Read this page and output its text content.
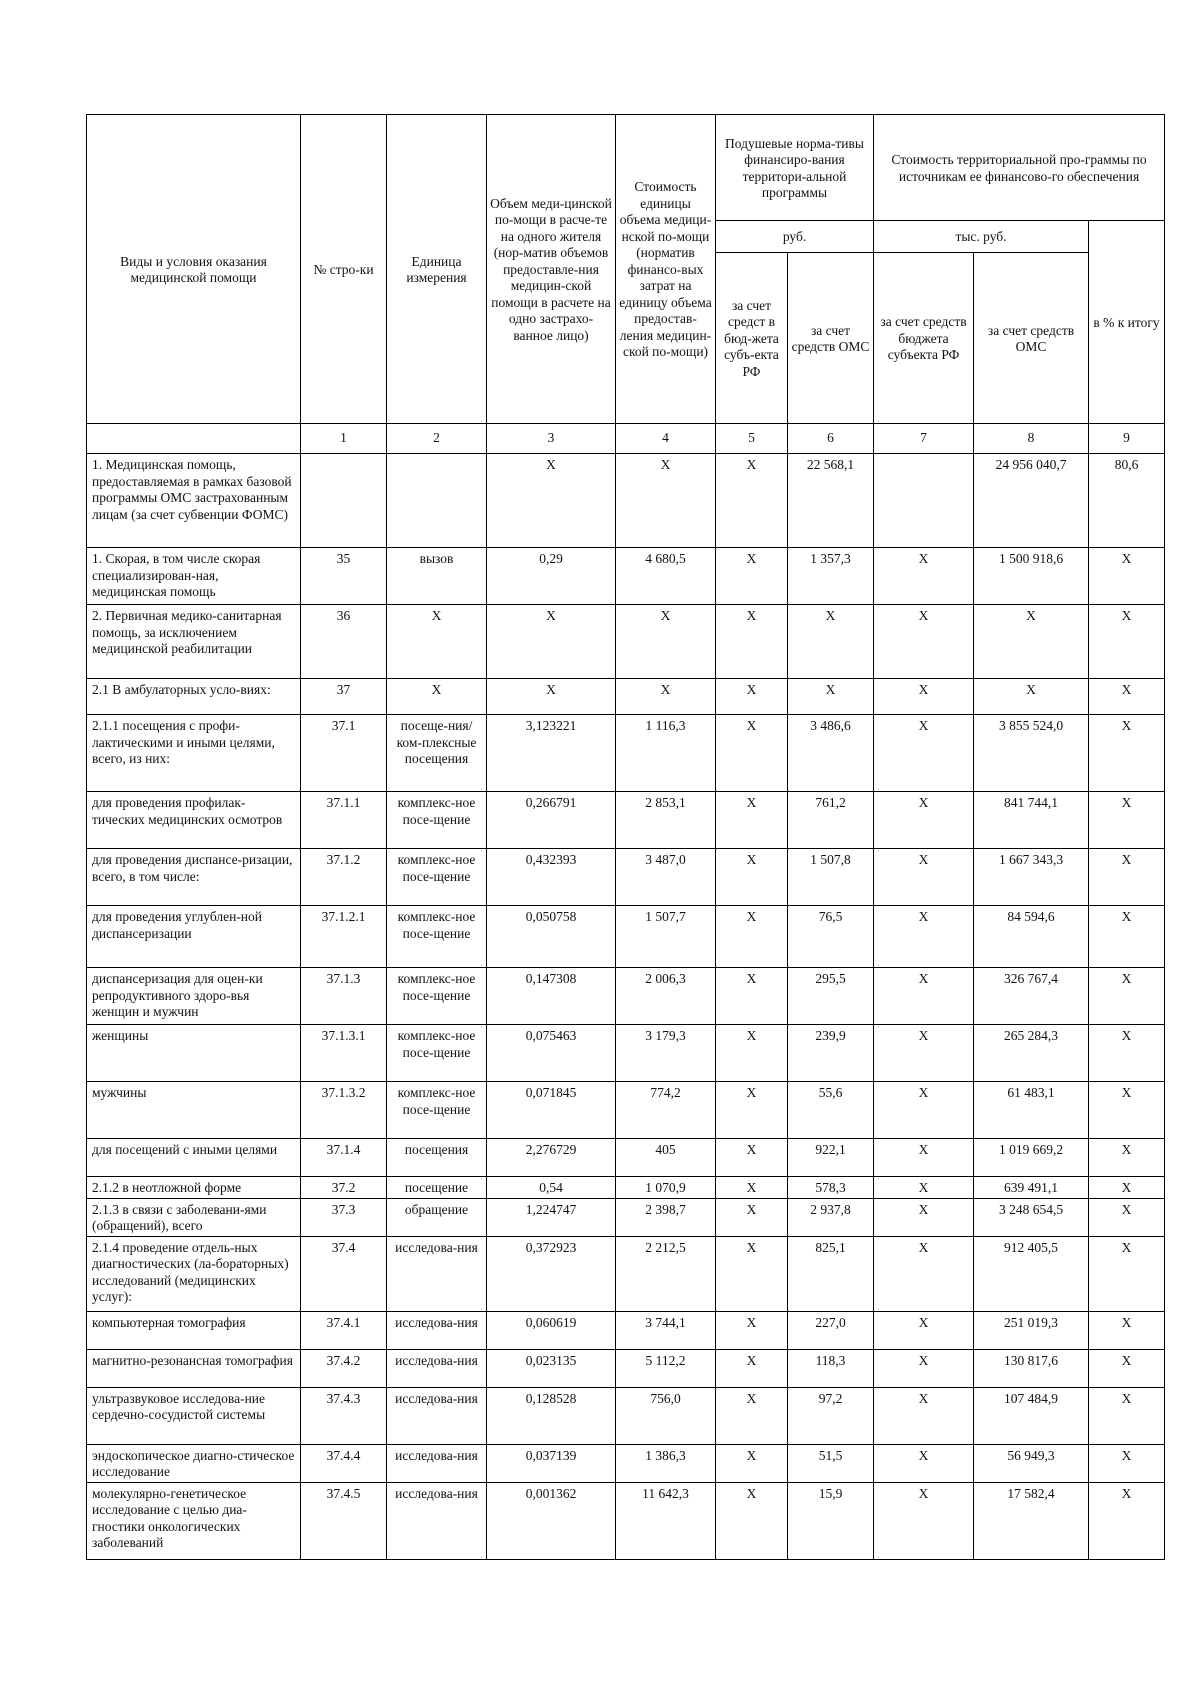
Виды и условия оказания медицинской помощи	№ стро-ки	Единица измерения	Объем меди-цинской по-мощи в расче-те на одного жителя (нор-матив объемов предоставле-ния медицин-ской помощи в расчете на одно застрахо-ванное лицо)	Стоимость единицы объема медици-нской по-мощи (норматив финансо-вых затрат на единицу объема предостав-ления медицин-ской по-мощи)	Подушевые норма-тивы финансиро-вания территори-альной программы		Стоимость территориальной про-граммы по источникам ее финансово-го обеспечения		
					руб.		тыс. руб.		в % к итогу
					за счет средст в бюд-жета субъ-екта РФ	за счет средств ОМС	за счет средств бюджета субъекта РФ	за счет средств ОМС	
	1	2	3	4	5	6	7	8	9
1. Медицинская помощь, предоставляемая в рамках базовой программы ОМС застрахованным лицам (за счет субвенции ФОМС)			X	X	X	22 568,1		24 956 040,7	80,6
1. Скорая, в том числе скорая специализирован-ная, медицинская помощь	35	вызов	0,29	4 680,5	X	1 357,3	X	1 500 918,6	X
2. Первичная медико-санитарная помощь, за исключением медицинской реабилитации	36	X	X	X	X	X	X	X	X
2.1 В амбулаторных усло-виях:	37	X	X	X	X	X	X	X	X
2.1.1 посещения с профи-лактическими и иными целями, всего, из них:	37.1	посеще-ния/ ком-плексные посещения	3,123221	1 116,3	X	3 486,6	X	3 855 524,0	X
для проведения профилак-тических медицинских осмотров	37.1.1	комплекс-ное посе-щение	0,266791	2 853,1	X	761,2	X	841 744,1	X
для проведения диспансе-ризации, всего, в том числе:	37.1.2	комплекс-ное посе-щение	0,432393	3 487,0	X	1 507,8	X	1 667 343,3	X
для проведения углублен-ной диспансеризации	37.1.2.1	комплекс-ное посе-щение	0,050758	1 507,7	X	76,5	X	84 594,6	X
диспансеризация для оцен-ки репродуктивного здоро-вья женщин и мужчин	37.1.3	комплекс-ное посе-щение	0,147308	2 006,3	X	295,5	X	326 767,4	X
женщины	37.1.3.1	комплекс-ное посе-щение	0,075463	3 179,3	X	239,9	X	265 284,3	X
мужчины	37.1.3.2	комплекс-ное посе-щение	0,071845	774,2	X	55,6	X	61 483,1	X
для посещений с иными целями	37.1.4	посещения	2,276729	405	X	922,1	X	1 019 669,2	X
2.1.2 в неотложной форме	37.2	посещение	0,54	1 070,9	X	578,3	X	639 491,1	X
2.1.3 в связи с заболевани-ями (обращений), всего	37.3	обращение	1,224747	2 398,7	X	2 937,8	X	3 248 654,5	X
2.1.4 проведение отдель-ных диагностических (ла-бораторных) исследований (медицинских услуг):	37.4	исследова-ния	0,372923	2 212,5	X	825,1	X	912 405,5	X
компьютерная томография	37.4.1	исследова-ния	0,060619	3 744,1	X	227,0	X	251 019,3	X
магнитно-резонансная томография	37.4.2	исследова-ния	0,023135	5 112,2	X	118,3	X	130 817,6	X
ультразвуковое исследова-ние сердечно-сосудистой системы	37.4.3	исследова-ния	0,128528	756,0	X	97,2	X	107 484,9	X
эндоскопическое диагно-стическое исследование	37.4.4	исследова-ния	0,037139	1 386,3	X	51,5	X	56 949,3	X
молекулярно-генетическое исследование с целью диа-гностики онкологических заболеваний	37.4.5	исследова-ния	0,001362	11 642,3	X	15,9	X	17 582,4	X
